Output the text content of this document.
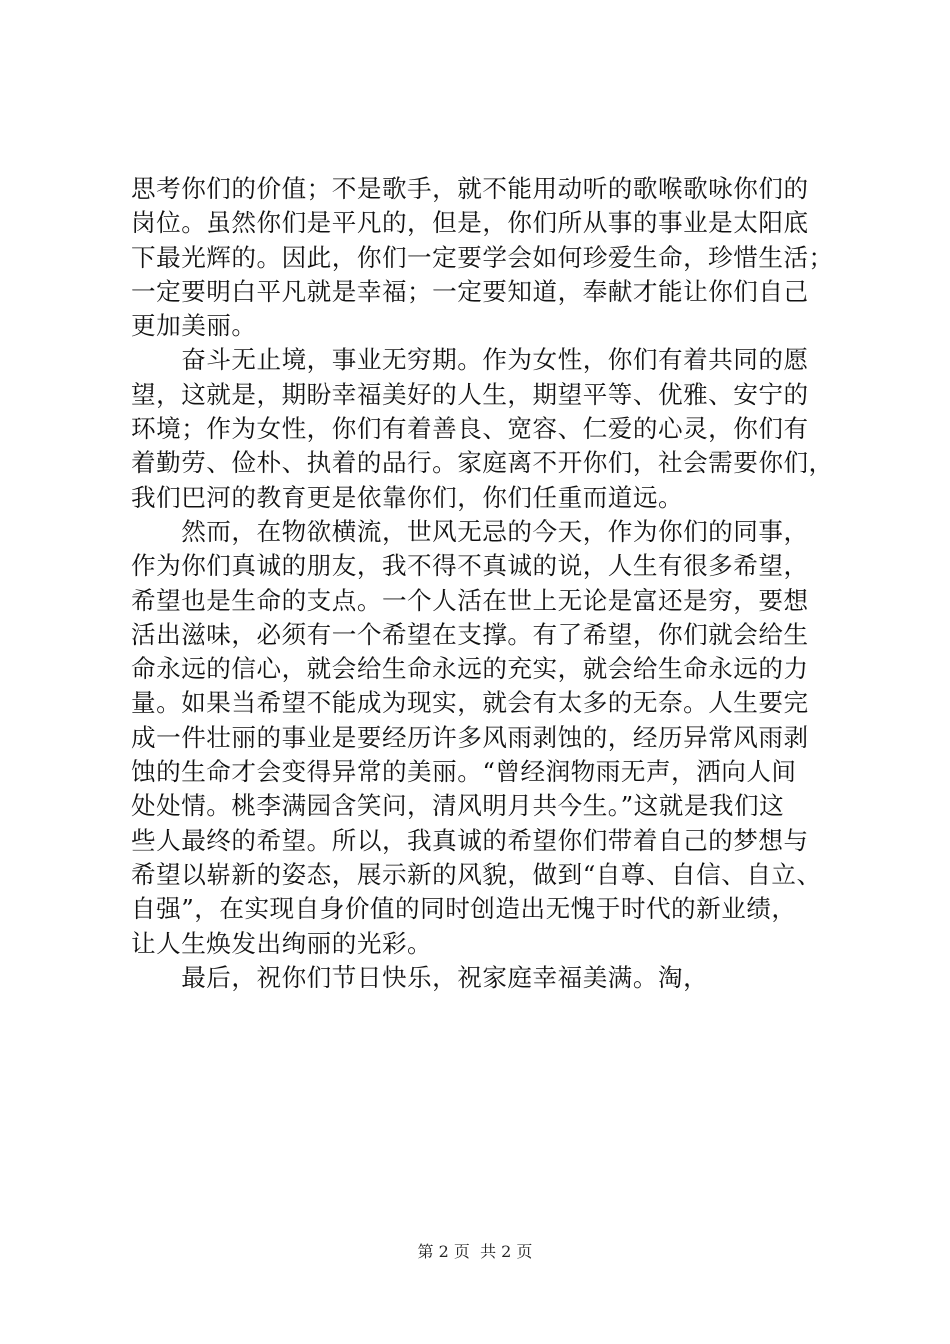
思考你们的价值；不是歌手，就不能用动听的歌喉歌咏你们的
岗位。虽然你们是平凡的，但是，你们所从事的事业是太阳底
下最光辉的。因此，你们一定要学会如何珍爱生命，珍惜生活；
一定要明白平凡就是幸福；一定要知道，奉献才能让你们自己
更加美丽。
　　奋斗无止境，事业无穷期。作为女性，你们有着共同的愿
望，这就是，期盼幸福美好的人生，期望平等、优雅、安宁的
环境；作为女性，你们有着善良、宽容、仁爱的心灵，你们有
着勤劳、俭朴、执着的品行。家庭离不开你们，社会需要你们，
我们巴河的教育更是依靠你们，你们任重而道远。
　　然而，在物欲横流，世风无忌的今天，作为你们的同事，
作为你们真诚的朋友，我不得不真诚的说，人生有很多希望，
希望也是生命的支点。一个人活在世上无论是富还是穷，要想
活出滋味，必须有一个希望在支撑。有了希望，你们就会给生
命永远的信心，就会给生命永远的充实，就会给生命永远的力
量。如果当希望不能成为现实，就会有太多的无奈。人生要完
成一件壮丽的事业是要经历许多风雨剥蚀的，经历异常风雨剥
蚀的生命才会变得异常的美丽。“曾经润物雨无声，洒向人间
处处情。桃李满园含笑问，清风明月共今生。”这就是我们这
些人最终的希望。所以，我真诚的希望你们带着自己的梦想与
希望以崭新的姿态，展示新的风貌，做到“自尊、自信、自立、
自强”，在实现自身价值的同时创造出无愧于时代的新业绩，
让人生焕发出绚丽的光彩。
　　最后，祝你们节日快乐，祝家庭幸福美满。淘，
第 2 页  共 2 页
